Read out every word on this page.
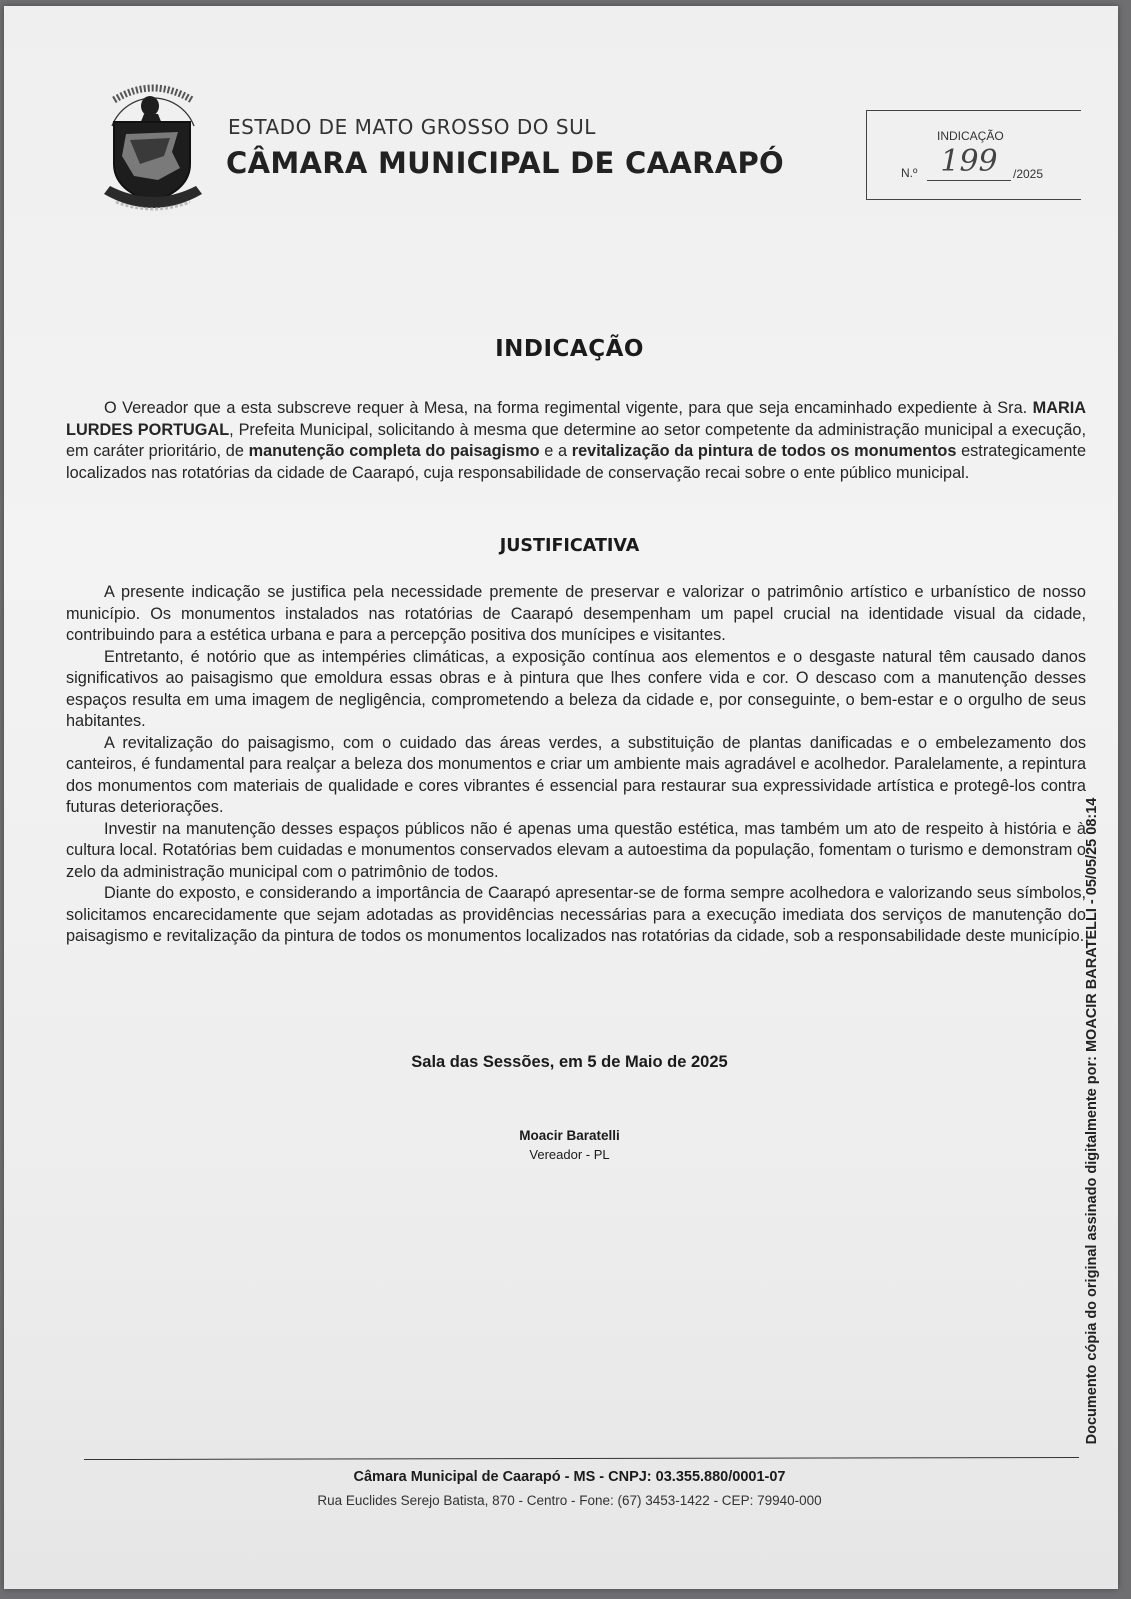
ESTADO DE MATO GROSSO DO SUL
CÂMARA MUNICIPAL DE CAARAPÓ
INDICAÇÃO
N.º 199	/2025
INDICAÇÃO

O Vereador que a esta subscreve requer à Mesa, na forma regimental vigente, para que seja encaminhado expediente à Sra. MARIA LURDES PORTUGAL, Prefeita Municipal, solicitando à mesma que determine ao setor competente da administração municipal a execução, em caráter prioritário, de manutenção completa do paisagismo e a revitalização da pintura de todos os monumentos estrategicamente localizados nas rotatórias da cidade de Caarapó, cuja responsabilidade de conservação recai sobre o ente público municipal.

JUSTIFICATIVA

A presente indicação se justifica pela necessidade premente de preservar e valorizar o patrimônio artístico e urbanístico de nosso município. Os monumentos instalados nas rotatórias de Caarapó desempenham um papel crucial na identidade visual da cidade, contribuindo para a estética urbana e para a percepção positiva dos munícipes e visitantes.

Entretanto, é notório que as intempéries climáticas, a exposição contínua aos elementos e o desgaste natural têm causado danos significativos ao paisagismo que emoldura essas obras e à pintura que lhes confere vida e cor. O descaso com a manutenção desses espaços resulta em uma imagem de negligência, comprometendo a beleza da cidade e, por conseguinte, o bem-estar e o orgulho de seus habitantes.

A revitalização do paisagismo, com o cuidado das áreas verdes, a substituição de plantas danificadas e o embelezamento dos canteiros, é fundamental para realçar a beleza dos monumentos e criar um ambiente mais agradável e acolhedor. Paralelamente, a repintura dos monumentos com materiais de qualidade e cores vibrantes é essencial para restaurar sua expressividade artística e protegê-los contra futuras deteriorações.

Investir na manutenção desses espaços públicos não é apenas uma questão estética, mas também um ato de respeito à história e à cultura local. Rotatórias bem cuidadas e monumentos conservados elevam a autoestima da população, fomentam o turismo e demonstram o zelo da administração municipal com o patrimônio de todos.

Diante do exposto, e considerando a importância de Caarapó apresentar-se de forma sempre acolhedora e valorizando seus símbolos, solicitamos encarecidamente que sejam adotadas as providências necessárias para a execução imediata dos serviços de manutenção do paisagismo e revitalização da pintura de todos os monumentos localizados nas rotatórias da cidade, sob a responsabilidade deste município.

Sala das Sessões, em 5 de Maio de 2025
Moacir Baratelli
Vereador - PL
Câmara Municipal de Caarapó - MS - CNPJ: 03.355.880/0001-07
Rua Euclides Serejo Batista, 870 - Centro - Fone: (67) 3453-1422 - CEP: 79940-000
Documento cópia do original assinado digitalmente por: MOACIR BARATELLI - 05/05/25 08:14
